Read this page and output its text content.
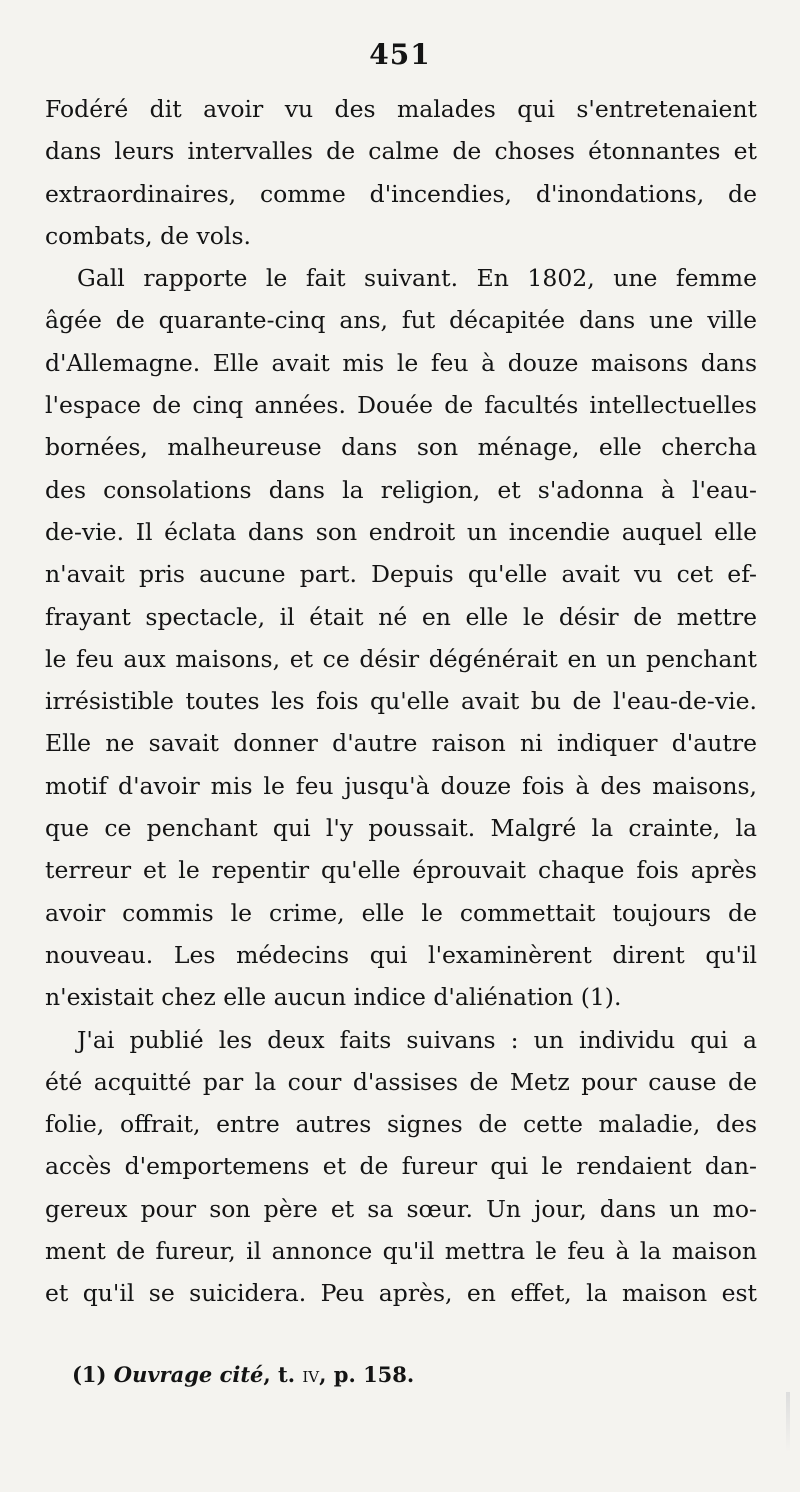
451
Fodéré dit avoir vu des malades qui s'entretenaient
dans leurs intervalles de calme de choses étonnantes et
extraordinaires, comme d'incendies, d'inondations, de
combats, de vols.
Gall rapporte le fait suivant. En 1802, une femme
âgée de quarante-cinq ans, fut décapitée dans une ville
d'Allemagne. Elle avait mis le feu à douze maisons dans
l'espace de cinq années. Douée de facultés intellectuelles
bornées, malheureuse dans son ménage, elle chercha
des consolations dans la religion, et s'adonna à l'eau-
de-vie. Il éclata dans son endroit un incendie auquel elle
n'avait pris aucune part. Depuis qu'elle avait vu cet ef-
frayant spectacle, il était né en elle le désir de mettre
le feu aux maisons, et ce désir dégénérait en un penchant
irrésistible toutes les fois qu'elle avait bu de l'eau-de-vie.
Elle ne savait donner d'autre raison ni indiquer d'autre
motif d'avoir mis le feu jusqu'à douze fois à des maisons,
que ce penchant qui l'y poussait. Malgré la crainte, la
terreur et le repentir qu'elle éprouvait chaque fois après
avoir commis le crime, elle le commettait toujours de
nouveau. Les médecins qui l'examinèrent dirent qu'il
n'existait chez elle aucun indice d'aliénation (1).
J'ai publié les deux faits suivans : un individu qui a
été acquitté par la cour d'assises de Metz pour cause de
folie, offrait, entre autres signes de cette maladie, des
accès d'emportemens et de fureur qui le rendaient dan-
gereux pour son père et sa sœur. Un jour, dans un mo-
ment de fureur, il annonce qu'il mettra le feu à la maison
et qu'il se suicidera. Peu après, en effet, la maison est
(1) Ouvrage cité, t. iv, p. 158.
